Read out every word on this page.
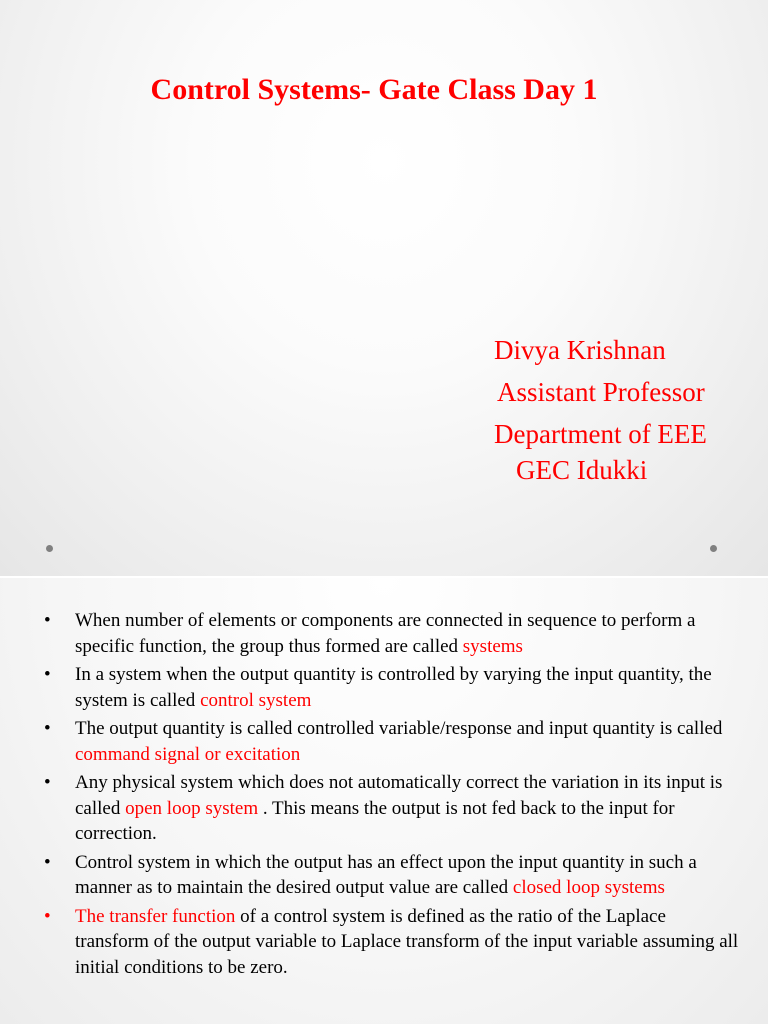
Control Systems- Gate Class Day 1
Divya Krishnan
Assistant Professor
Department of EEE
GEC Idukki
• When number of elements or components are connected in sequence to perform a specific function, the group thus formed are called systems
• In a system when the output quantity is controlled by varying the input quantity, the system is called control system
• The output quantity is called controlled variable/response and input quantity is called command signal or excitation
• Any physical system which does not automatically correct the variation in its input is called open loop system . This means the output is not fed back to the input for correction.
• Control system in which the output has an effect upon the input quantity in such a manner as to maintain the desired output value are called closed loop systems
• The transfer function of a control system is defined as the ratio of the Laplace transform of the output variable to Laplace transform of the input variable assuming all initial conditions to be zero.
